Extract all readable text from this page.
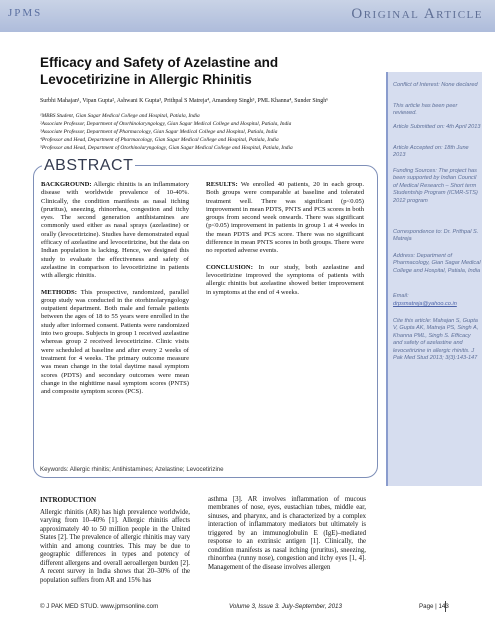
JPMS	Original Article
Efficacy and Safety of Azelastine and Levocetirizine in Allergic Rhinitis
Surbhi Mahajan¹, Vipan Gupta², Ashwani K Gupta³, Prithpal S Matreja⁴, Amandeep Singh⁵, PML Khanna⁴, Sunder Singh⁶
¹MBBS Student, Gian Sagar Medical College and Hospital, Patiala, India
²Associate Professor, Department of Otorhinolaryngology, Gian Sagar Medical College and Hospital, Patiala, India
³Associate Professor, Department of Pharmacology, Gian Sagar Medical College and Hospital, Patiala, India
⁴Professor and Head, Department of Pharmacology, Gian Sagar Medical College and Hospital, Patiala, India
⁵Professor and Head, Department of Otorhinolaryngology, Gian Sagar Medical College and Hospital, Patiala, India
ABSTRACT

BACKGROUND: Allergic rhinitis is an inflammatory disease with worldwide prevalence of 10-40%. Clinically, the condition manifests as nasal itching (pruritus), sneezing, rhinorrhea, congestion and itchy eyes. The second generation antihistamines are commonly used either as nasal sprays (azelastine) or orally (levocetirizine). Studies have demonstrated equal efficacy of azelastine and levocetirizine, but the data on Indian population is lacking. Hence, we designed this study to evaluate the effectiveness and safety of azelastine in comparison to levocetirizine in patients with allergic rhinitis.

METHODS: This prospective, randomized, parallel group study was conducted in the otorhinolaryngology outpatient department. Both male and female patients between the ages of 18 to 55 years were enrolled in the study after informed consent. Patients were randomized into two groups. Subjects in group 1 received azelastine whereas group 2 received levocetirizine. Clinic visits were scheduled at baseline and after every 2 weeks of treatment for 4 weeks. The primary outcome measure was mean change in the total daytime nasal symptom scores (PDTS) and secondary outcomes were mean change in the nighttime nasal symptom scores (PNTS) and composite symptom scores (PCS).

RESULTS: We enrolled 40 patients, 20 in each group. Both groups were comparable at baseline and tolerated treatment well. There was significant (p<0.05) improvement in mean PDTS, PNTS and PCS scores in both groups from second week onwards. There was significant (p<0.05) improvement in patients in group 1 at 4 weeks in the mean PDTS and PCS score. There was no significant difference in mean PNTS scores in both groups. There were no reported adverse events.

CONCLUSION: In our study, both azelastine and levocetirizine improved the symptoms of patients with allergic rhinitis but azelastine showed better improvement in symptoms at the end of 4 weeks.

Keywords: Allergic rhinitis; Antihistamines; Azelastine; Levocetirizine
Conflict of Interest: None declared
This article has been peer reviewed.
Article Submitted on: 4th April 2013
Article Accepted on: 18th June 2013
Funding Sources: The project has been supported by Indian Council of Medical Research – Short term Studentship Program (ICMR-STS) 2012 program
Correspondence to: Dr. Prithpal S. Matreja
Address: Department of Pharmacology, Gian Sagar Medical College and Hospital, Patiala, India
Email:
drpsmatreja@yahoo.co.in
Cite this article: Mahajan S, Gupta V, Gupta AK, Matreja PS, Singh A, Khanna PML, Singh S. Efficacy and safety of azelastine and levocetirizine in allergic rhinitis. J Pak Med Stud 2013; 3(3):143-147
INTRODUCTION
Allergic rhinitis (AR) has high prevalence worldwide, varying from 10–40% [1]. Allergic rhinitis affects approximately 40 to 50 million people in the United States [2]. The prevalence of allergic rhinitis may vary within and among countries. This may be due to geographic differences in types and potency of different allergens and overall aeroallergen burden [2]. A recent survey in India shows that 20–30% of the population suffers from AR and 15% has
asthma [3]. AR involves inflammation of mucous membranes of nose, eyes, eustachian tubes, middle ear, sinuses, and pharynx, and is characterized by a complex interaction of inflammatory mediators but ultimately is triggered by an immunoglobulin E (IgE)–mediated response to an extrinsic antigen [1]. Clinically, the condition manifests as nasal itching (pruritus), sneezing, rhinorrhea (runny nose), congestion and itchy eyes [1, 4]. Management of the disease involves allergen
© J PAK MED STUD. www.jpmsonline.com	Volume 3, Issue 3. July-September, 2013	Page | 143
